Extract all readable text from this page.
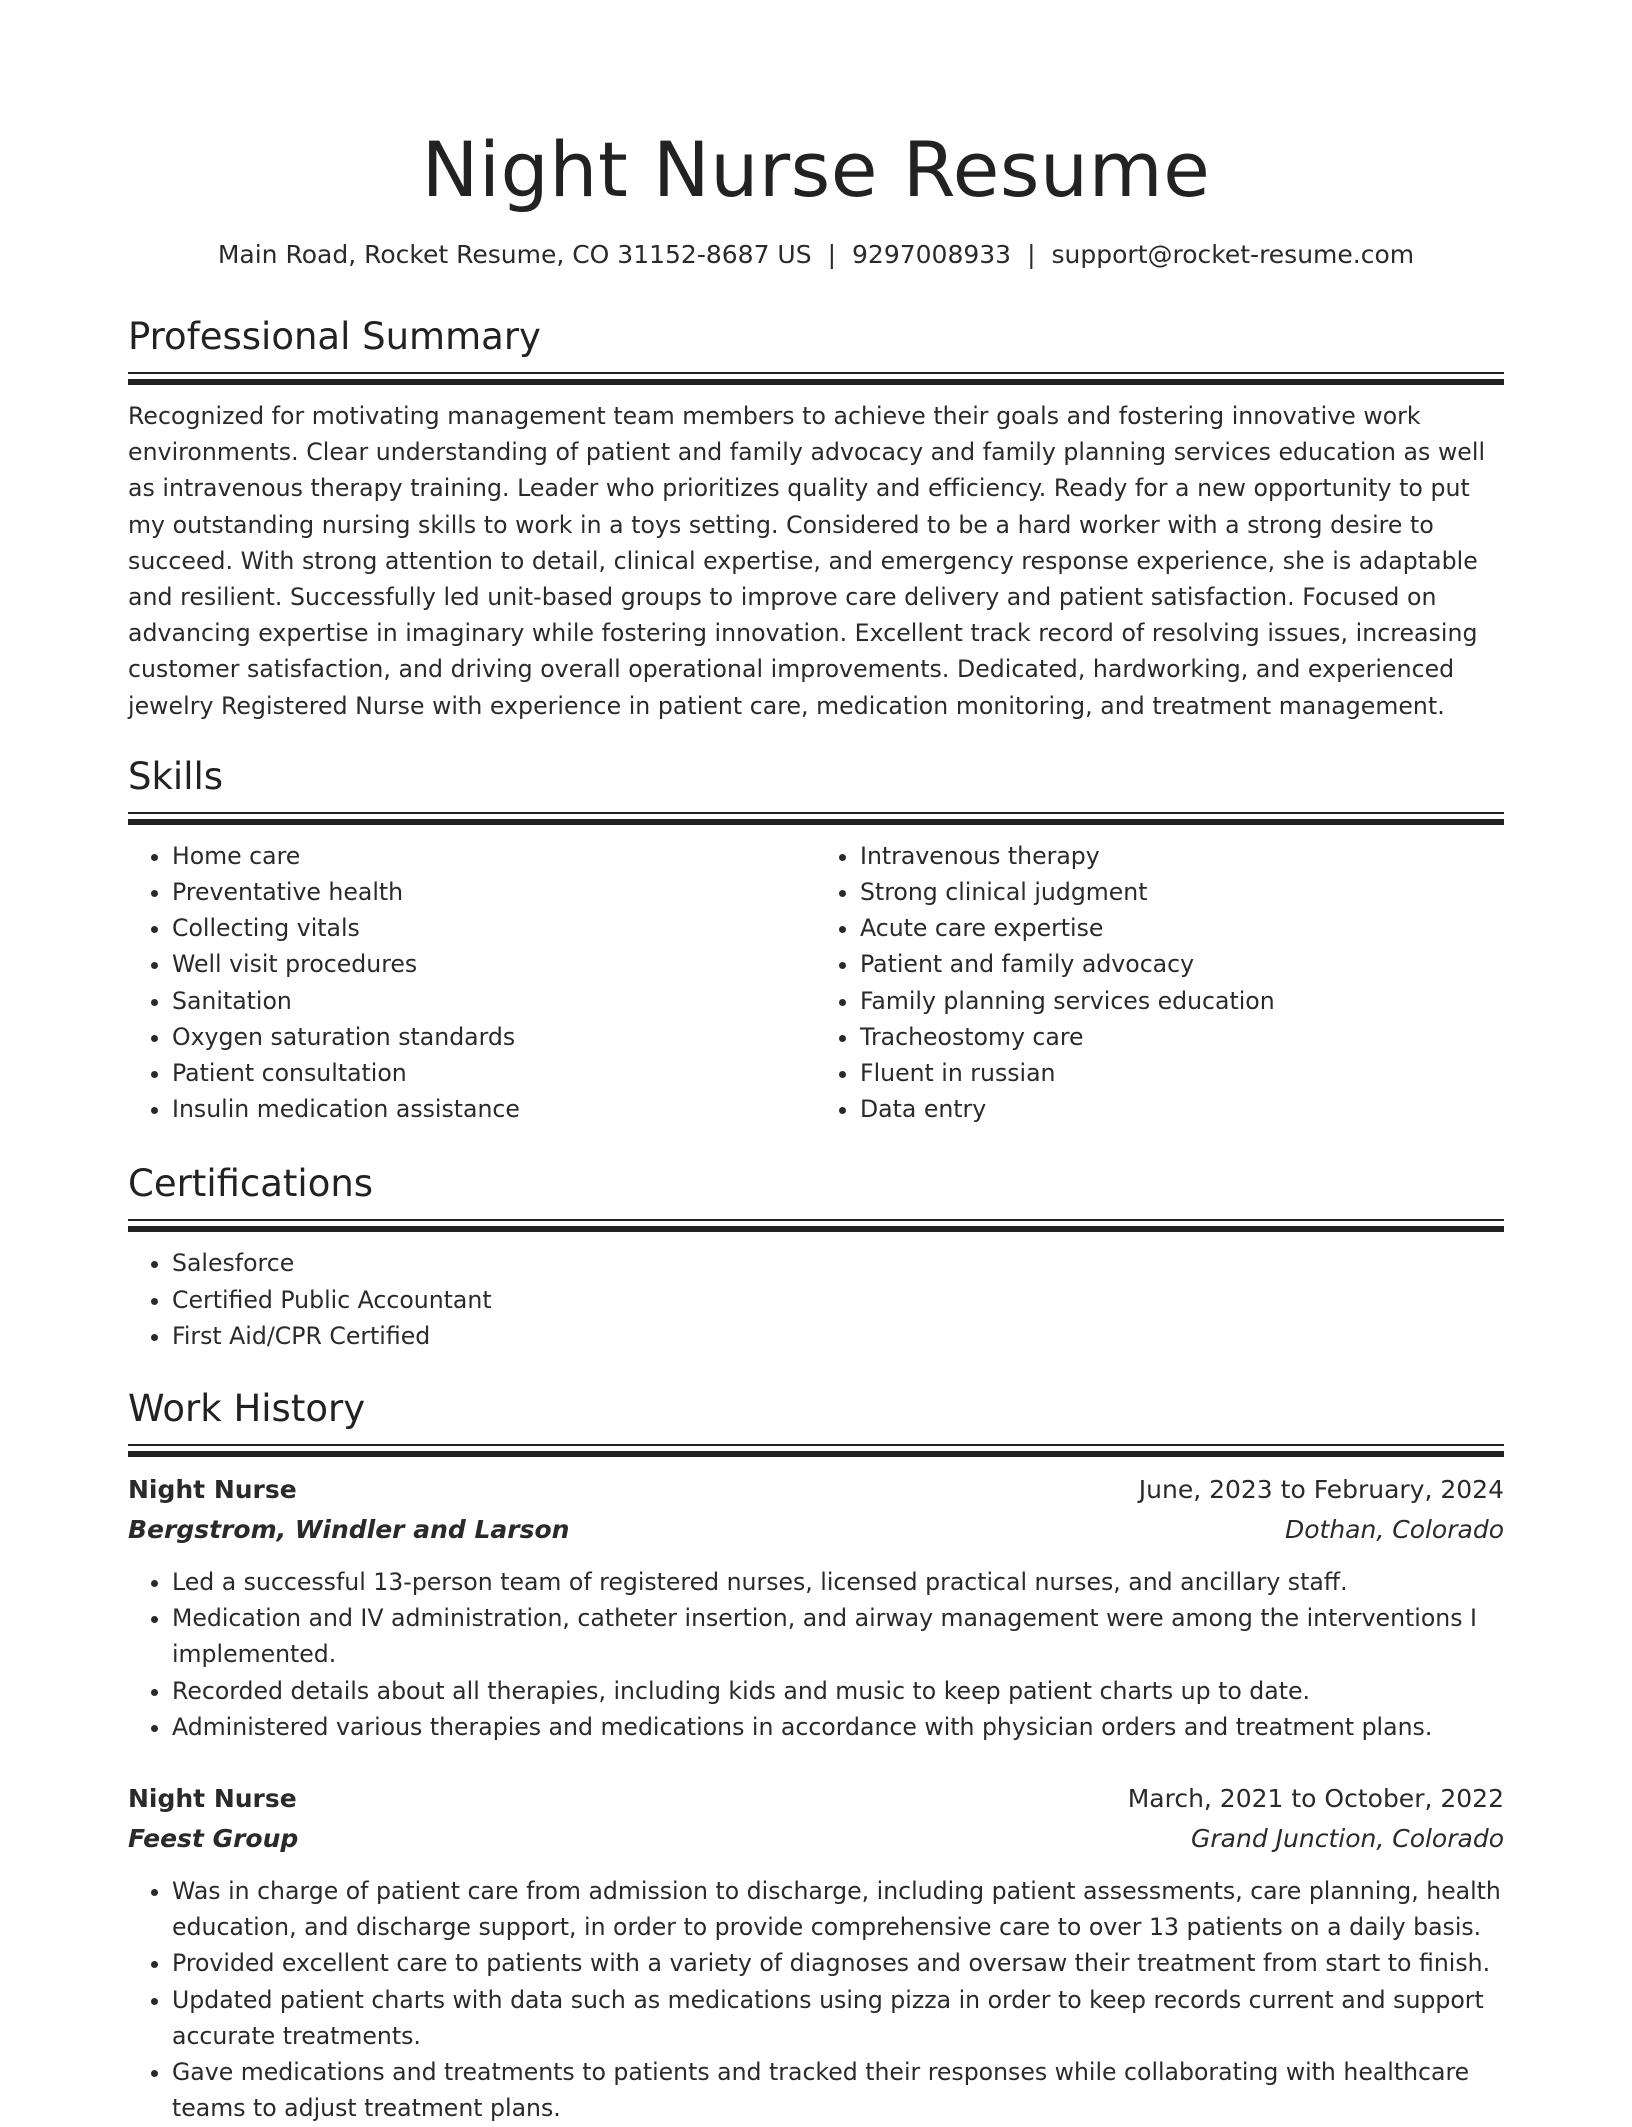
Night Nurse Resume
Main Road, Rocket Resume, CO 31152-8687 US | 9297008933 | support@rocket-resume.com
Professional Summary

Recognized for motivating management team members to achieve their goals and fostering innovative work environments. Clear understanding of patient and family advocacy and family planning services education as well as intravenous therapy training. Leader who prioritizes quality and efficiency. Ready for a new opportunity to put my outstanding nursing skills to work in a toys setting. Considered to be a hard worker with a strong desire to succeed. With strong attention to detail, clinical expertise, and emergency response experience, she is adaptable and resilient. Successfully led unit-based groups to improve care delivery and patient satisfaction. Focused on advancing expertise in imaginary while fostering innovation. Excellent track record of resolving issues, increasing customer satisfaction, and driving overall operational improvements. Dedicated, hardworking, and experienced jewelry Registered Nurse with experience in patient care, medication monitoring, and treatment management.

Skills
• Home care
• Preventative health
• Collecting vitals
• Well visit procedures
• Sanitation
• Oxygen saturation standards
• Patient consultation
• Insulin medication assistance
• Intravenous therapy
• Strong clinical judgment
• Acute care expertise
• Patient and family advocacy
• Family planning services education
• Tracheostomy care
• Fluent in russian
• Data entry
Certifications
• Salesforce
• Certified Public Accountant
• First Aid/CPR Certified
Work History
Night Nurse	June, 2023 to February, 2024
Bergstrom, Windler and Larson	Dothan, Colorado
• Led a successful 13-person team of registered nurses, licensed practical nurses, and ancillary staff.
• Medication and IV administration, catheter insertion, and airway management were among the interventions I implemented.
• Recorded details about all therapies, including kids and music to keep patient charts up to date.
• Administered various therapies and medications in accordance with physician orders and treatment plans.
Night Nurse	March, 2021 to October, 2022
Feest Group	Grand Junction, Colorado
• Was in charge of patient care from admission to discharge, including patient assessments, care planning, health education, and discharge support, in order to provide comprehensive care to over 13 patients on a daily basis.
• Provided excellent care to patients with a variety of diagnoses and oversaw their treatment from start to finish.
• Updated patient charts with data such as medications using pizza in order to keep records current and support accurate treatments.
• Gave medications and treatments to patients and tracked their responses while collaborating with healthcare teams to adjust treatment plans.
